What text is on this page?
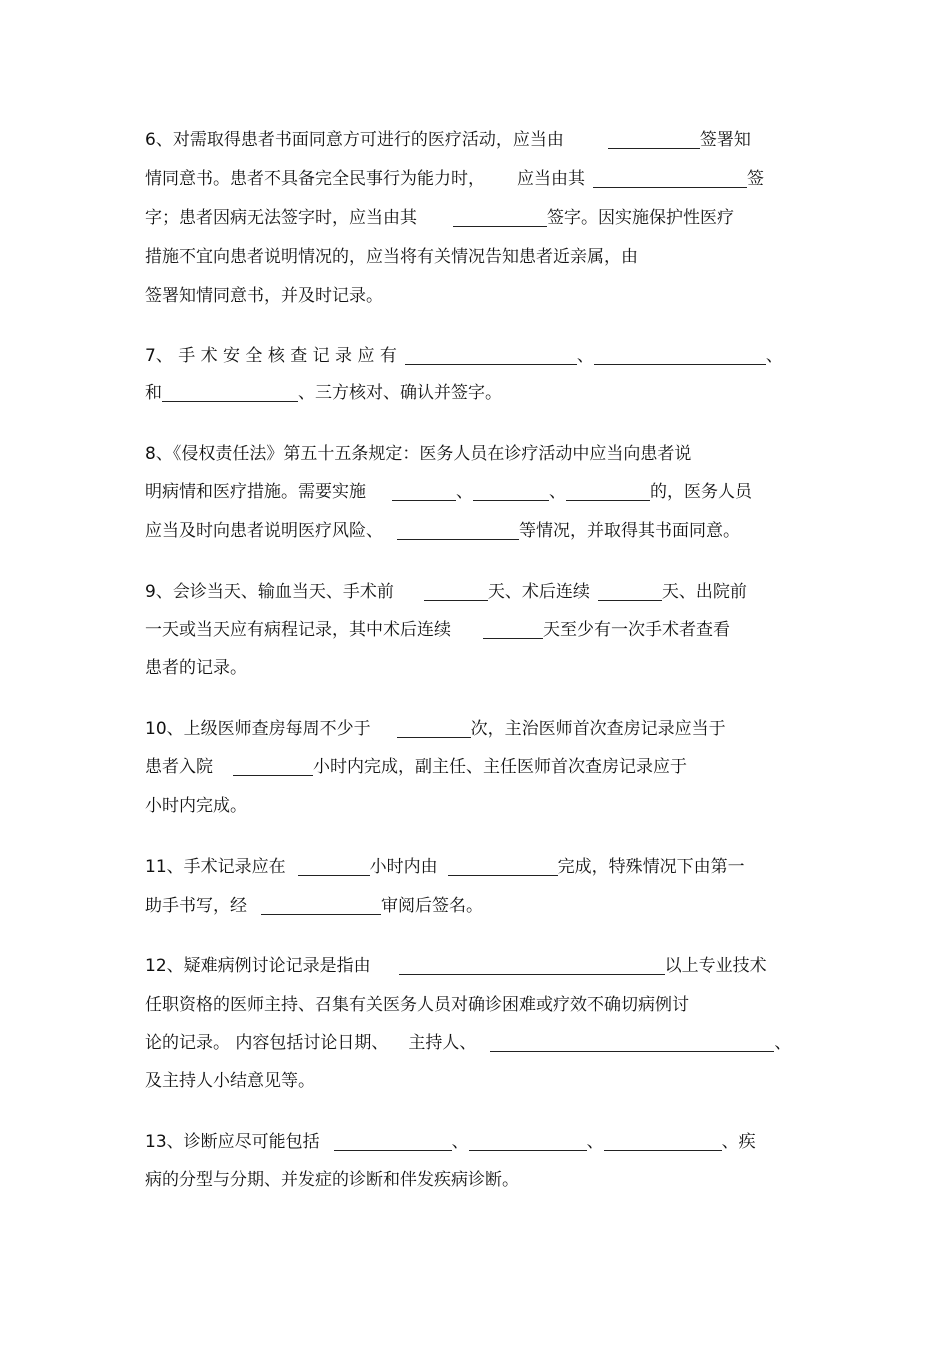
6、对需取得患者书面同意方可进行的医疗活动，应当由	签署知
情同意书。患者不具备完全民事行为能力时， 应当由其	签
字；患者因病无法签字时，应当由其	签字。因实施保护性医疗
措施不宜向患者说明情况的，应当将有关情况告知患者近亲属，由
签署知情同意书，并及时记录。
7、 手 术 安 全 核 查 记 录 应 有	、	、
和	、三方核对、确认并签字。
8、《侵权责任法》第五十五条规定：医务人员在诊疗活动中应当向患者说
明病情和医疗措施。需要实施	、	、	的，医务人员
应当及时向患者说明医疗风险、	等情况，并取得其书面同意。
9、会诊当天、输血当天、手术前	天、术后连续	天、出院前
一天或当天应有病程记录，其中术后连续	天至少有一次手术者查看
患者的记录。
10、上级医师查房每周不少于	次，主治医师首次查房记录应当于
患者入院	小时内完成，副主任、主任医师首次查房记录应于
小时内完成。
11、手术记录应在	小时内由	完成，特殊情况下由第一
助手书写，经	审阅后签名。
12、疑难病例讨论记录是指由	以上专业技术
任职资格的医师主持、召集有关医务人员对确诊困难或疗效不确切病例讨
论的记录。 内容包括讨论日期、 主持人、	、
及主持人小结意见等。
13、诊断应尽可能包括	、	、	、疾
病的分型与分期、并发症的诊断和伴发疾病诊断。
